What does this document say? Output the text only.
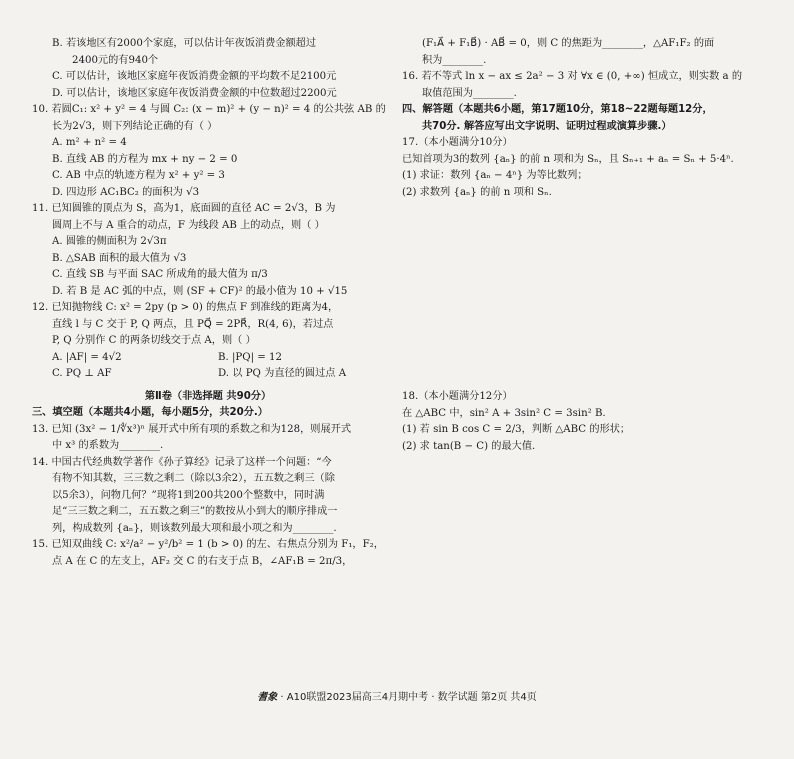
B. 若该地区有2000个家庭，可以估计年夜饭消费金额超过
2400元的有940个
C. 可以估计，该地区家庭年夜饭消费金额的平均数不足2100元
D. 可以估计，该地区家庭年夜饭消费金额的中位数超过2200元
10. 若圆C₁: x² + y² = 4 与圆 C₂: (x − m)² + (y − n)² = 4 的公共弦 AB 的
长为2√3，则下列结论正确的有（ ）
A. m² + n² = 4
B. 直线 AB 的方程为 mx + ny − 2 = 0
C. AB 中点的轨迹方程为 x² + y² = 3
D. 四边形 AC₁BC₂ 的面积为 √3
11. 已知圆锥的顶点为 S，高为1，底面圆的直径 AC = 2√3，B 为
圆周上不与 A 重合的动点，F 为线段 AB 上的动点，则（ ）
A. 圆锥的侧面积为 2√3π
B. △SAB 面积的最大值为 √3
C. 直线 SB 与平面 SAC 所成角的最大值为 π/3
D. 若 B 是 AC 弧的中点，则 (SF + CF)² 的最小值为 10 + √15
12. 已知抛物线 C: x² = 2py (p > 0) 的焦点 F 到准线的距离为4，
直线 l 与 C 交于 P, Q 两点，且 PQ⃗ = 2PR⃗，R(4, 6)，若过点
P, Q 分别作 C 的两条切线交于点 A，则（ ）
A. |AF| = 4√2	B. |PQ| = 12
C. PQ ⊥ AF	D. 以 PQ 为直径的圆过点 A
第Ⅱ卷（非选择题 共90分）
三、填空题（本题共4小题，每小题5分，共20分.）
13. 已知 (3x² − 1/∜x³)ⁿ 展开式中所有项的系数之和为128，则展开式
中 x³ 的系数为________.
14. 中国古代经典数学著作《孙子算经》记录了这样一个问题：“今
有物不知其数，三三数之剩二（除以3余2），五五数之剩三（除
以5余3），问物几何？”现将1到200共200个整数中，同时满
足“三三数之剩二，五五数之剩三”的数按从小到大的顺序排成一
列，构成数列 {aₙ}，则该数列最大项和最小项之和为________.
15. 已知双曲线 C: x²/a² − y²/b² = 1 (b > 0) 的左、右焦点分别为 F₁，F₂，
点 A 在 C 的左支上，AF₂ 交 C 的右支于点 B，∠AF₁B = 2π/3，
(F₁A⃗ + F₁B⃗) · AB⃗ = 0，则 C 的焦距为________，△AF₁F₂ 的面
积为________.
16. 若不等式 ln x − ax ≤ 2a² − 3 对 ∀x ∈ (0, +∞) 恒成立，则实数 a 的
取值范围为________.
四、解答题（本题共6小题，第17题10分，第18~22题每题12分，
共70分. 解答应写出文字说明、证明过程或演算步骤.）
17.（本小题满分10分）
已知首项为3的数列 {aₙ} 的前 n 项和为 Sₙ，且 Sₙ₊₁ + aₙ = Sₙ + 5·4ⁿ.
(1) 求证：数列 {aₙ − 4ⁿ} 为等比数列；
(2) 求数列 {aₙ} 的前 n 项和 Sₙ.
18.（本小题满分12分）
在 △ABC 中，sin² A + 3sin² C = 3sin² B.
(1) 若 sin B cos C = 2/3，判断 △ABC 的形状；
(2) 求 tan(B − C) 的最大值.
耆象 · A10联盟2023届高三4月期中考 · 数学试题 第2页 共4页
